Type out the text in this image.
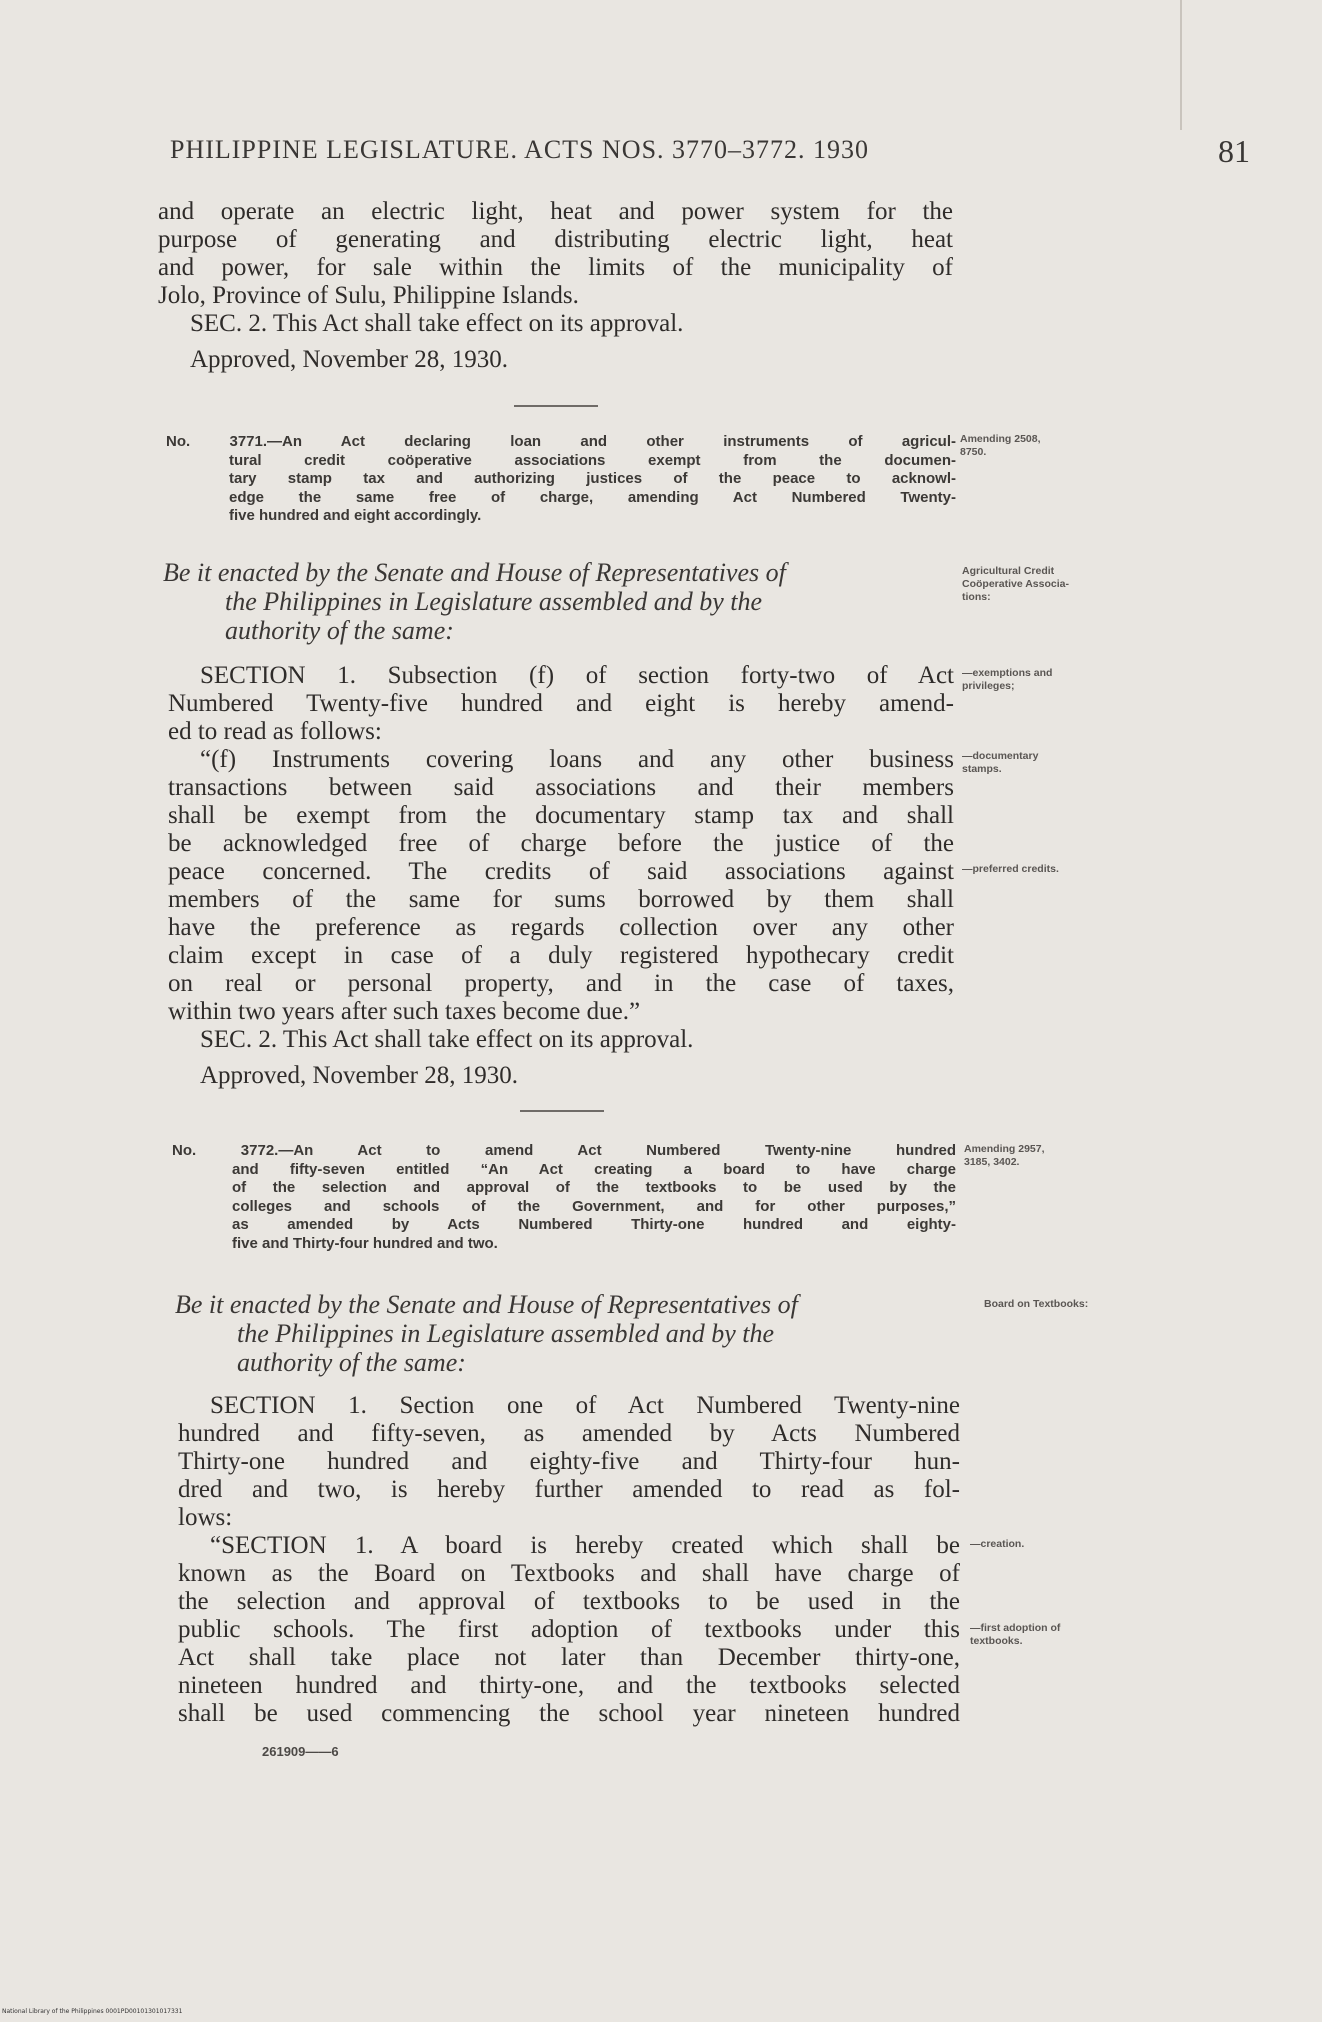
PHILIPPINE LEGISLATURE. ACTS NOS. 3770–3772. 1930	81
and operate an electric light, heat and power system for the
purpose of generating and distributing electric light, heat
and power, for sale within the limits of the municipality of
Jolo, Province of Sulu, Philippine Islands.
SEC. 2. This Act shall take effect on its approval.
Approved, November 28, 1930.
No. 3771.—An Act declaring loan and other instruments of agricul-
tural credit coöperative associations exempt from the documen-
tary stamp tax and authorizing justices of the peace to acknowl-
edge the same free of charge, amending Act Numbered Twenty-
five hundred and eight accordingly.
Amending 2508,
8750.
Be it enacted by the Senate and House of Representatives of
the Philippines in Legislature assembled and by the
authority of the same:
Agricultural Credit
Coöperative Associa-
tions:
SECTION 1. Subsection (f) of section forty-two of Act
Numbered Twenty-five hundred and eight is hereby amend-
ed to read as follows:
“(f) Instruments covering loans and any other business
transactions between said associations and their members
shall be exempt from the documentary stamp tax and shall
be acknowledged free of charge before the justice of the
peace concerned. The credits of said associations against
members of the same for sums borrowed by them shall
have the preference as regards collection over any other
claim except in case of a duly registered hypothecary credit
on real or personal property, and in the case of taxes,
within two years after such taxes become due.”
SEC. 2. This Act shall take effect on its approval.
Approved, November 28, 1930.
—exemptions and
privileges;
—documentary
stamps.
—preferred credits.
No. 3772.—An Act to amend Act Numbered Twenty-nine hundred
and fifty-seven entitled “An Act creating a board to have charge
of the selection and approval of the textbooks to be used by the
colleges and schools of the Government, and for other purposes,”
as amended by Acts Numbered Thirty-one hundred and eighty-
five and Thirty-four hundred and two.
Amending 2957,
3185, 3402.
Be it enacted by the Senate and House of Representatives of
the Philippines in Legislature assembled and by the
authority of the same:
Board on Textbooks:
SECTION 1. Section one of Act Numbered Twenty-nine
hundred and fifty-seven, as amended by Acts Numbered
Thirty-one hundred and eighty-five and Thirty-four hun-
dred and two, is hereby further amended to read as fol-
lows:
“SECTION 1. A board is hereby created which shall be
known as the Board on Textbooks and shall have charge of
the selection and approval of textbooks to be used in the
public schools. The first adoption of textbooks under this
Act shall take place not later than December thirty-one,
nineteen hundred and thirty-one, and the textbooks selected
shall be used commencing the school year nineteen hundred
—creation.
—first adoption of
textbooks.
261909——6
National Library of the Philippines 0001PD00101301017331
